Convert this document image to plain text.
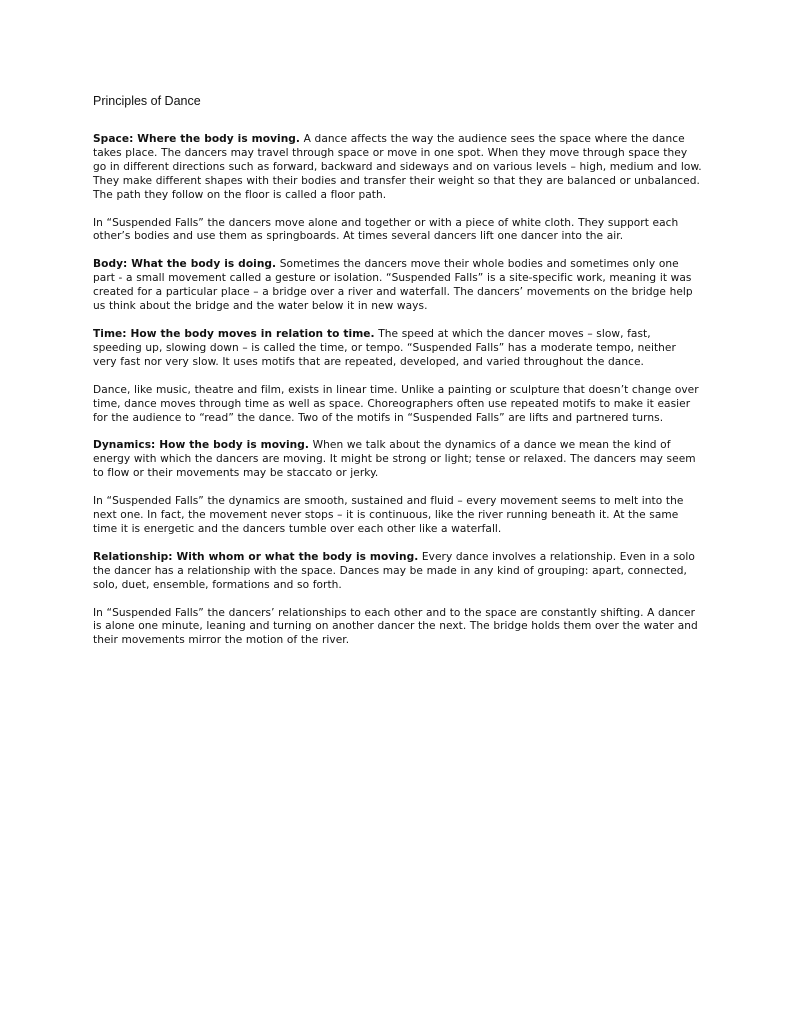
Principles of Dance

Space: Where the body is moving. A dance affects the way the audience sees the space where the dance takes place. The dancers may travel through space or move in one spot. When they move through space they go in different directions such as forward, backward and sideways and on various levels – high, medium and low. They make different shapes with their bodies and transfer their weight so that they are balanced or unbalanced. The path they follow on the floor is called a floor path.

In “Suspended Falls” the dancers move alone and together or with a piece of white cloth. They support each other’s bodies and use them as springboards. At times several dancers lift one dancer into the air.

Body: What the body is doing. Sometimes the dancers move their whole bodies and sometimes only one part - a small movement called a gesture or isolation. “Suspended Falls” is a site-specific work, meaning it was created for a particular place – a bridge over a river and waterfall. The dancers’ movements on the bridge help us think about the bridge and the water below it in new ways.

Time: How the body moves in relation to time. The speed at which the dancer moves – slow, fast, speeding up, slowing down – is called the time, or tempo. “Suspended Falls” has a moderate tempo, neither very fast nor very slow. It uses motifs that are repeated, developed, and varied throughout the dance.

Dance, like music, theatre and film, exists in linear time. Unlike a painting or sculpture that doesn’t change over time, dance moves through time as well as space. Choreographers often use repeated motifs to make it easier for the audience to “read” the dance. Two of the motifs in “Suspended Falls” are lifts and partnered turns.

Dynamics: How the body is moving. When we talk about the dynamics of a dance we mean the kind of energy with which the dancers are moving. It might be strong or light; tense or relaxed. The dancers may seem to flow or their movements may be staccato or jerky.

In “Suspended Falls” the dynamics are smooth, sustained and fluid – every movement seems to melt into the next one. In fact, the movement never stops – it is continuous, like the river running beneath it. At the same time it is energetic and the dancers tumble over each other like a waterfall.

Relationship: With whom or what the body is moving. Every dance involves a relationship. Even in a solo the dancer has a relationship with the space. Dances may be made in any kind of grouping: apart, connected, solo, duet, ensemble, formations and so forth.

In “Suspended Falls” the dancers’ relationships to each other and to the space are constantly shifting. A dancer is alone one minute, leaning and turning on another dancer the next. The bridge holds them over the water and their movements mirror the motion of the river.
